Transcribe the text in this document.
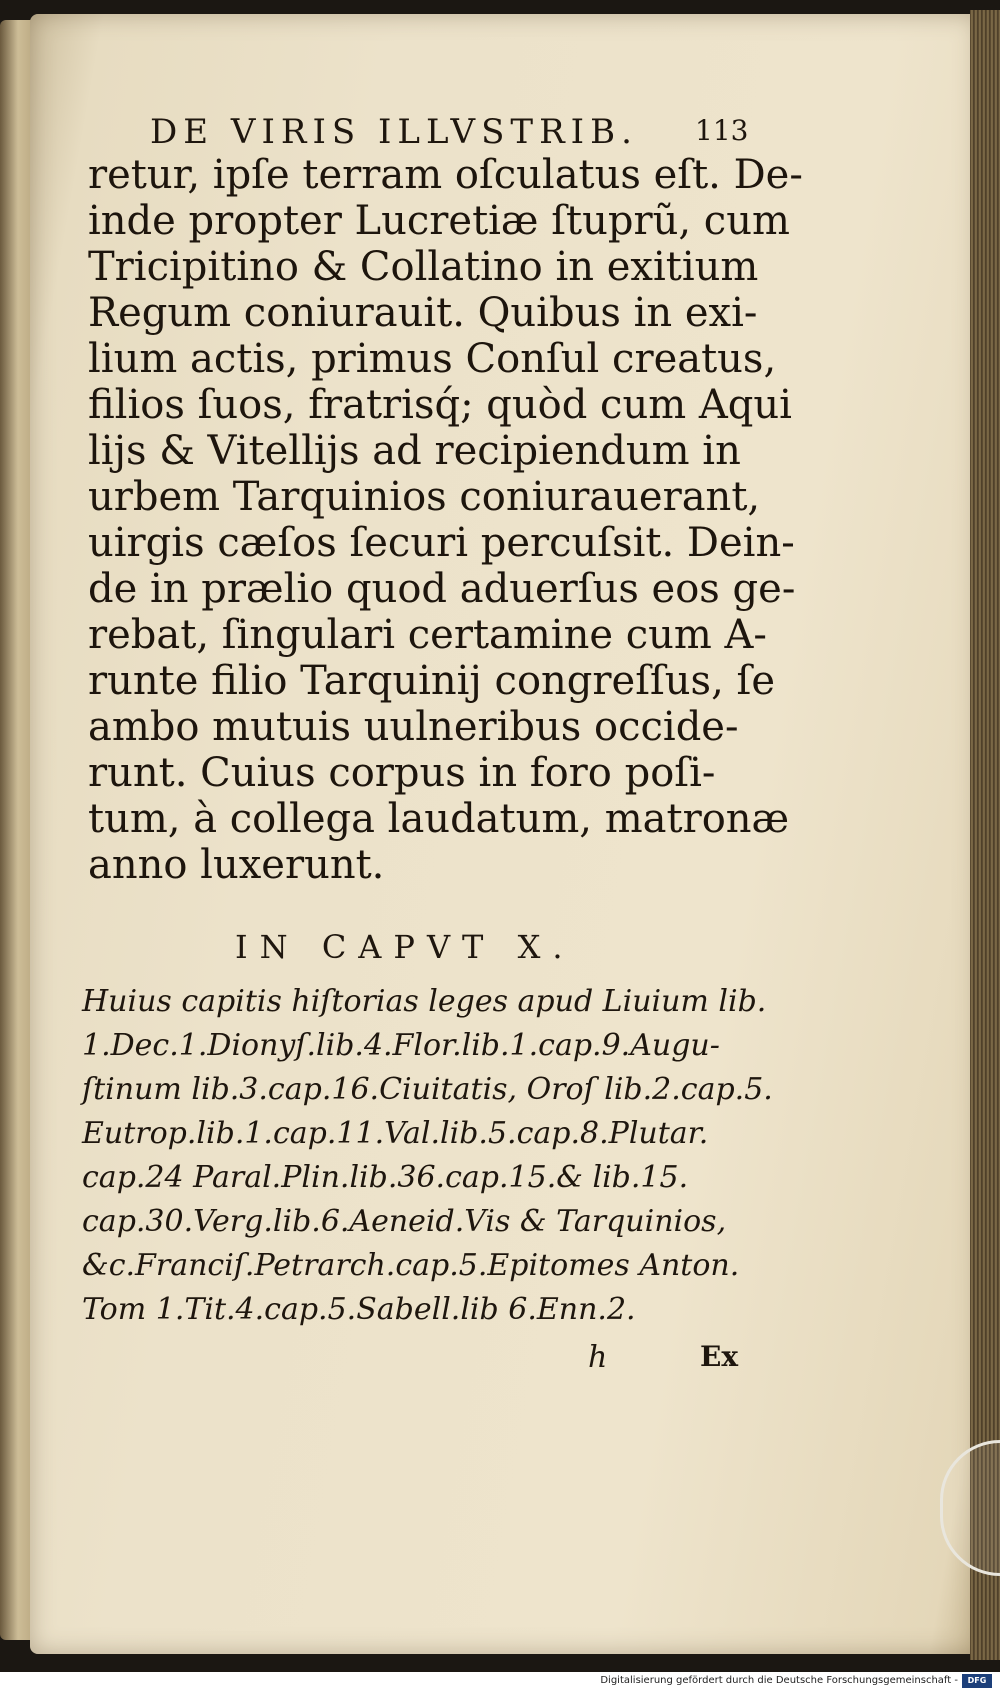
DE VIRIS ILLVSTRIB.	113
retur, ipſe terram oſculatus eſt. De-
inde propter Lucretiæ ſtuprũ, cum
Tricipitino & Collatino in exitium
Regum coniurauit. Quibus in exi-
lium actis, primus Conſul creatus,
filios ſuos, fratrisq́; quòd cum Aqui
lijs & Vitellijs ad recipiendum in
urbem Tarquinios coniurauerant,
uirgis cæſos ſecuri percuſsit. Dein-
de in prælio quod aduerſus eos ge-
rebat, ſingulari certamine cum A-
runte filio Tarquinij congreſſus, ſe
ambo mutuis uulneribus occide-
runt. Cuius corpus in foro poſi-
tum, à collega laudatum, matronæ
anno luxerunt.
IN CAPVT X.
Huius capitis hiſtorias leges apud Liuium lib.
1.Dec.1.Dionyſ.lib.4.Flor.lib.1.cap.9.Augu-
ſtinum lib.3.cap.16.Ciuitatis, Oroſ lib.2.cap.5.
Eutrop.lib.1.cap.11.Val.lib.5.cap.8.Plutar.
cap.24 Paral.Plin.lib.36.cap.15.& lib.15.
cap.30.Verg.lib.6.Aeneid.Vis & Tarquinios,
&c.Franciſ.Petrarch.cap.5.Epitomes Anton.
Tom 1.Tit.4.cap.5.Sabell.lib 6.Enn.2.
h	Ex
Digitalisierung gefördert durch die Deutsche Forschungsgemeinschaft -	DFG
